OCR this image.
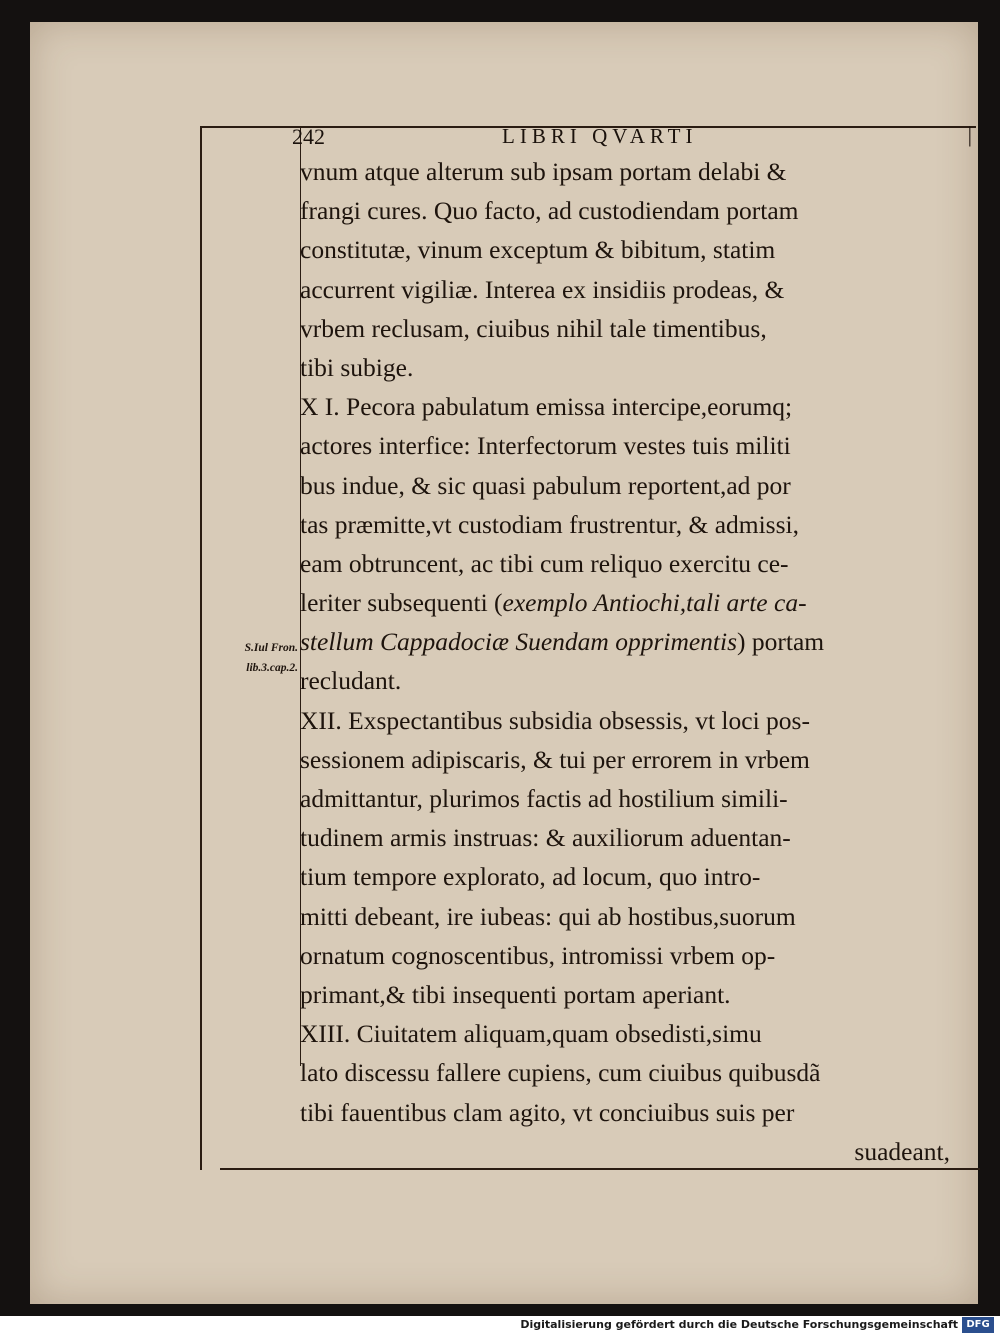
242	LIBRI QVARTI	|
S.Iul Fron.
lib.3.cap.2.
vnum atque alterum sub ipsam portam delabi &
frangi cures. Quo facto, ad custodiendam portam
constitutæ, vinum exceptum & bibitum, statim
accurrent vigiliæ. Interea ex insidiis prodeas, &
vrbem reclusam, ciuibus nihil tale timentibus,
tibi subige.
X I. Pecora pabulatum emissa intercipe,eorumq;
actores interfice: Interfectorum vestes tuis militi
bus indue, & sic quasi pabulum reportent,ad por
tas præmitte,vt custodiam frustrentur, & admissi,
eam obtruncent, ac tibi cum reliquo exercitu ce-
leriter subsequenti (exemplo Antiochi,tali arte ca-
stellum Cappadociæ Suendam opprimentis) portam
recludant.
XII. Exspectantibus subsidia obsessis, vt loci pos-
sessionem adipiscaris, & tui per errorem in vrbem
admittantur, plurimos factis ad hostilium simili-
tudinem armis instruas: & auxiliorum aduentan-
tium tempore explorato, ad locum, quo intro-
mitti debeant, ire iubeas: qui ab hostibus,suorum
ornatum cognoscentibus, intromissi vrbem op-
primant,& tibi insequenti portam aperiant.
XIII. Ciuitatem aliquam,quam obsedisti,simu
lato discessu fallere cupiens, cum ciuibus quibusdã
tibi fauentibus clam agito, vt conciuibus suis per
suadeant,
Digitalisierung gefördert durch die Deutsche Forschungsgemeinschaft DFG
